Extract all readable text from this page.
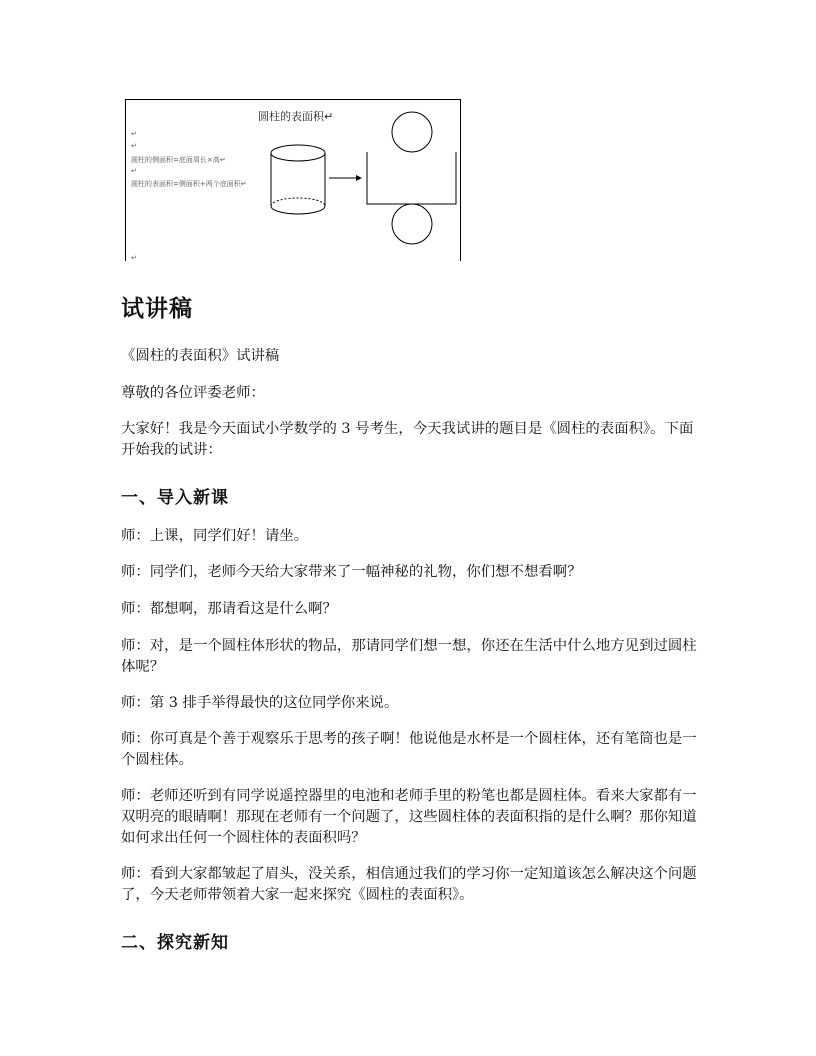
圆柱的表面积↵
↵
↵
圆柱的侧面积=底面周长×高↵
↵
圆柱的表面积=侧面积+两个底面积↵
↵
试讲稿
《圆柱的表面积》试讲稿
尊敬的各位评委老师：
大家好！我是今天面试小学数学的 3 号考生，今天我试讲的题目是《圆柱的表面积》。下面开始我的试讲：
一、导入新课
师：上课，同学们好！请坐。
师：同学们，老师今天给大家带来了一幅神秘的礼物，你们想不想看啊？
师：都想啊，那请看这是什么啊？
师：对，是一个圆柱体形状的物品，那请同学们想一想，你还在生活中什么地方见到过圆柱体呢？
师：第 3 排手举得最快的这位同学你来说。
师：你可真是个善于观察乐于思考的孩子啊！他说他是水杯是一个圆柱体，还有笔筒也是一个圆柱体。
师：老师还听到有同学说遥控器里的电池和老师手里的粉笔也都是圆柱体。看来大家都有一双明亮的眼睛啊！那现在老师有一个问题了，这些圆柱体的表面积指的是什么啊？那你知道如何求出任何一个圆柱体的表面积吗？
师：看到大家都皱起了眉头，没关系，相信通过我们的学习你一定知道该怎么解决这个问题了，今天老师带领着大家一起来探究《圆柱的表面积》。
二、探究新知
